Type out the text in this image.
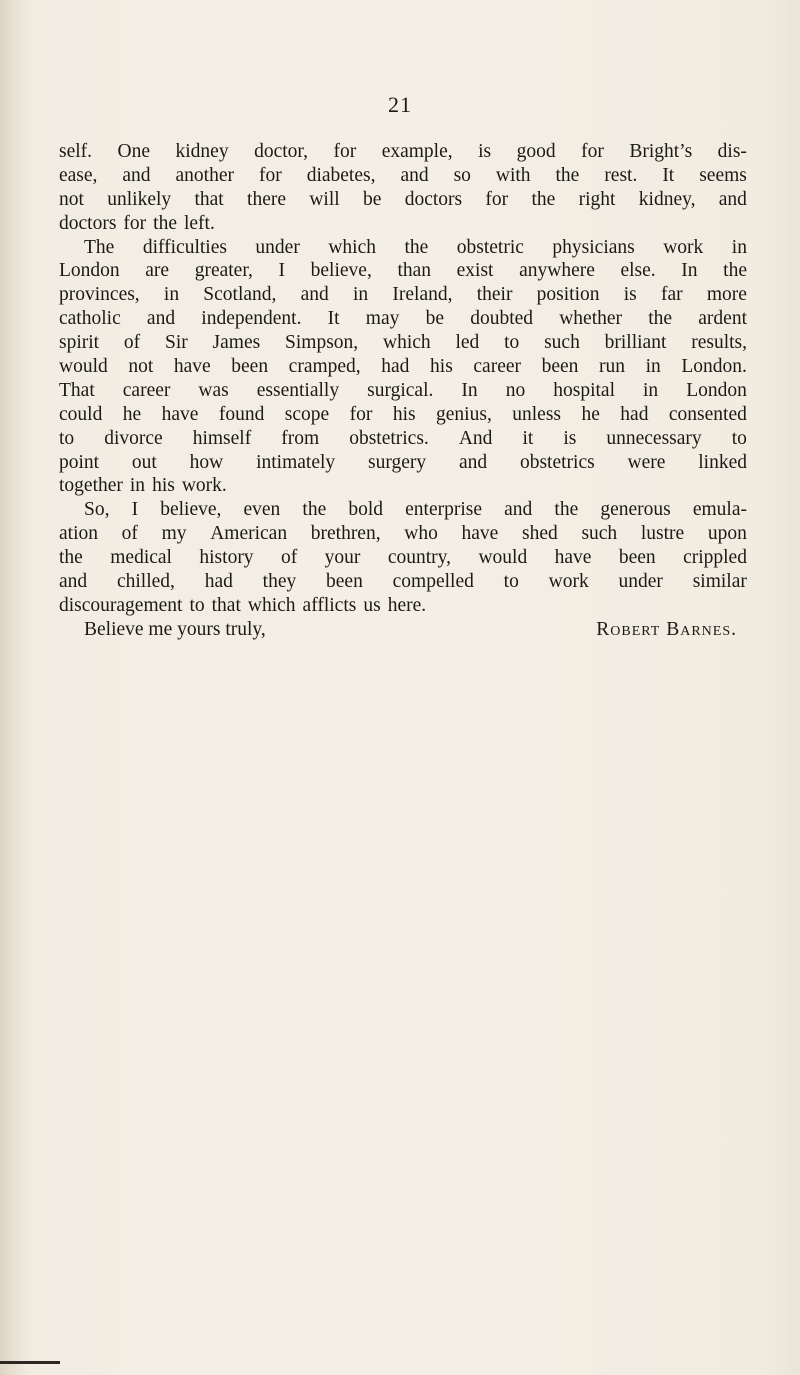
21
self. One kidney doctor, for example, is good for Bright’s dis-
ease, and another for diabetes, and so with the rest. It seems
not unlikely that there will be doctors for the right kidney, and
doctors for the left.
The difficulties under which the obstetric physicians work in
London are greater, I believe, than exist anywhere else. In the
provinces, in Scotland, and in Ireland, their position is far more
catholic and independent. It may be doubted whether the ardent
spirit of Sir James Simpson, which led to such brilliant results,
would not have been cramped, had his career been run in London.
That career was essentially surgical. In no hospital in London
could he have found scope for his genius, unless he had consented
to divorce himself from obstetrics. And it is unnecessary to
point out how intimately surgery and obstetrics were linked
together in his work.
So, I believe, even the bold enterprise and the generous emula-
ation of my American brethren, who have shed such lustre upon
the medical history of your country, would have been crippled
and chilled, had they been compelled to work under similar
discouragement to that which afflicts us here.
Believe me yours truly,	Robert Barnes.
